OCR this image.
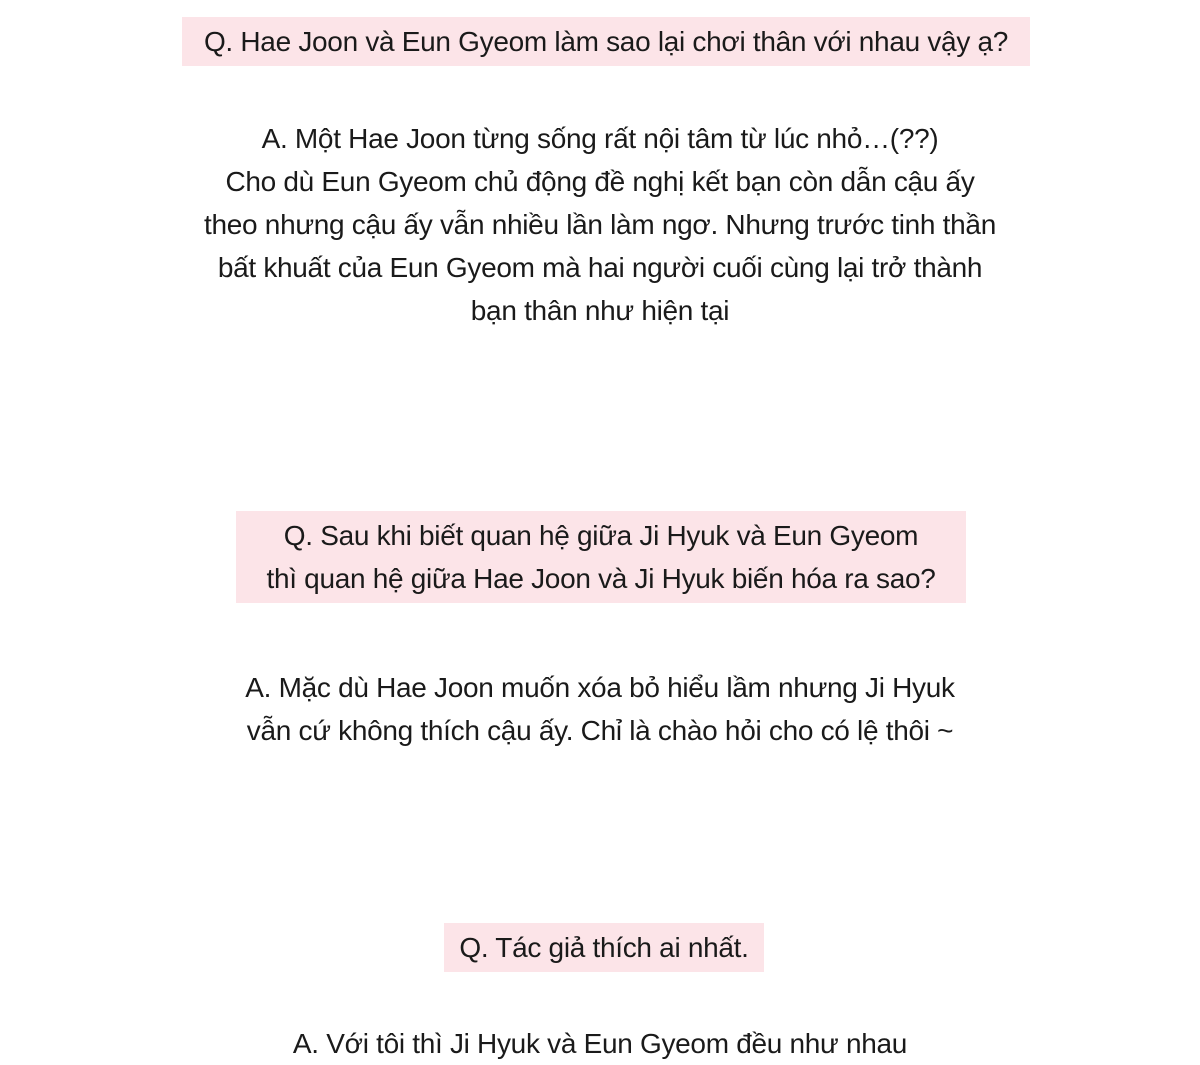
Q. Hae Joon và Eun Gyeom làm sao lại chơi thân với nhau vậy ạ?
A. Một Hae Joon từng sống rất nội tâm từ lúc nhỏ…(??)
Cho dù Eun Gyeom chủ động đề nghị kết bạn còn dẫn cậu ấy
theo nhưng cậu ấy vẫn nhiều lần làm ngơ. Nhưng trước tinh thần
bất khuất của Eun Gyeom mà hai người cuối cùng lại trở thành
bạn thân như hiện tại
Q. Sau khi biết quan hệ giữa Ji Hyuk và Eun Gyeom
thì quan hệ giữa Hae Joon và Ji Hyuk biến hóa ra sao?
A. Mặc dù Hae Joon muốn xóa bỏ hiểu lầm nhưng Ji Hyuk
vẫn cứ không thích cậu ấy. Chỉ là chào hỏi cho có lệ thôi ~
Q. Tác giả thích ai nhất.
A. Với tôi thì Ji Hyuk và Eun Gyeom đều như nhau
